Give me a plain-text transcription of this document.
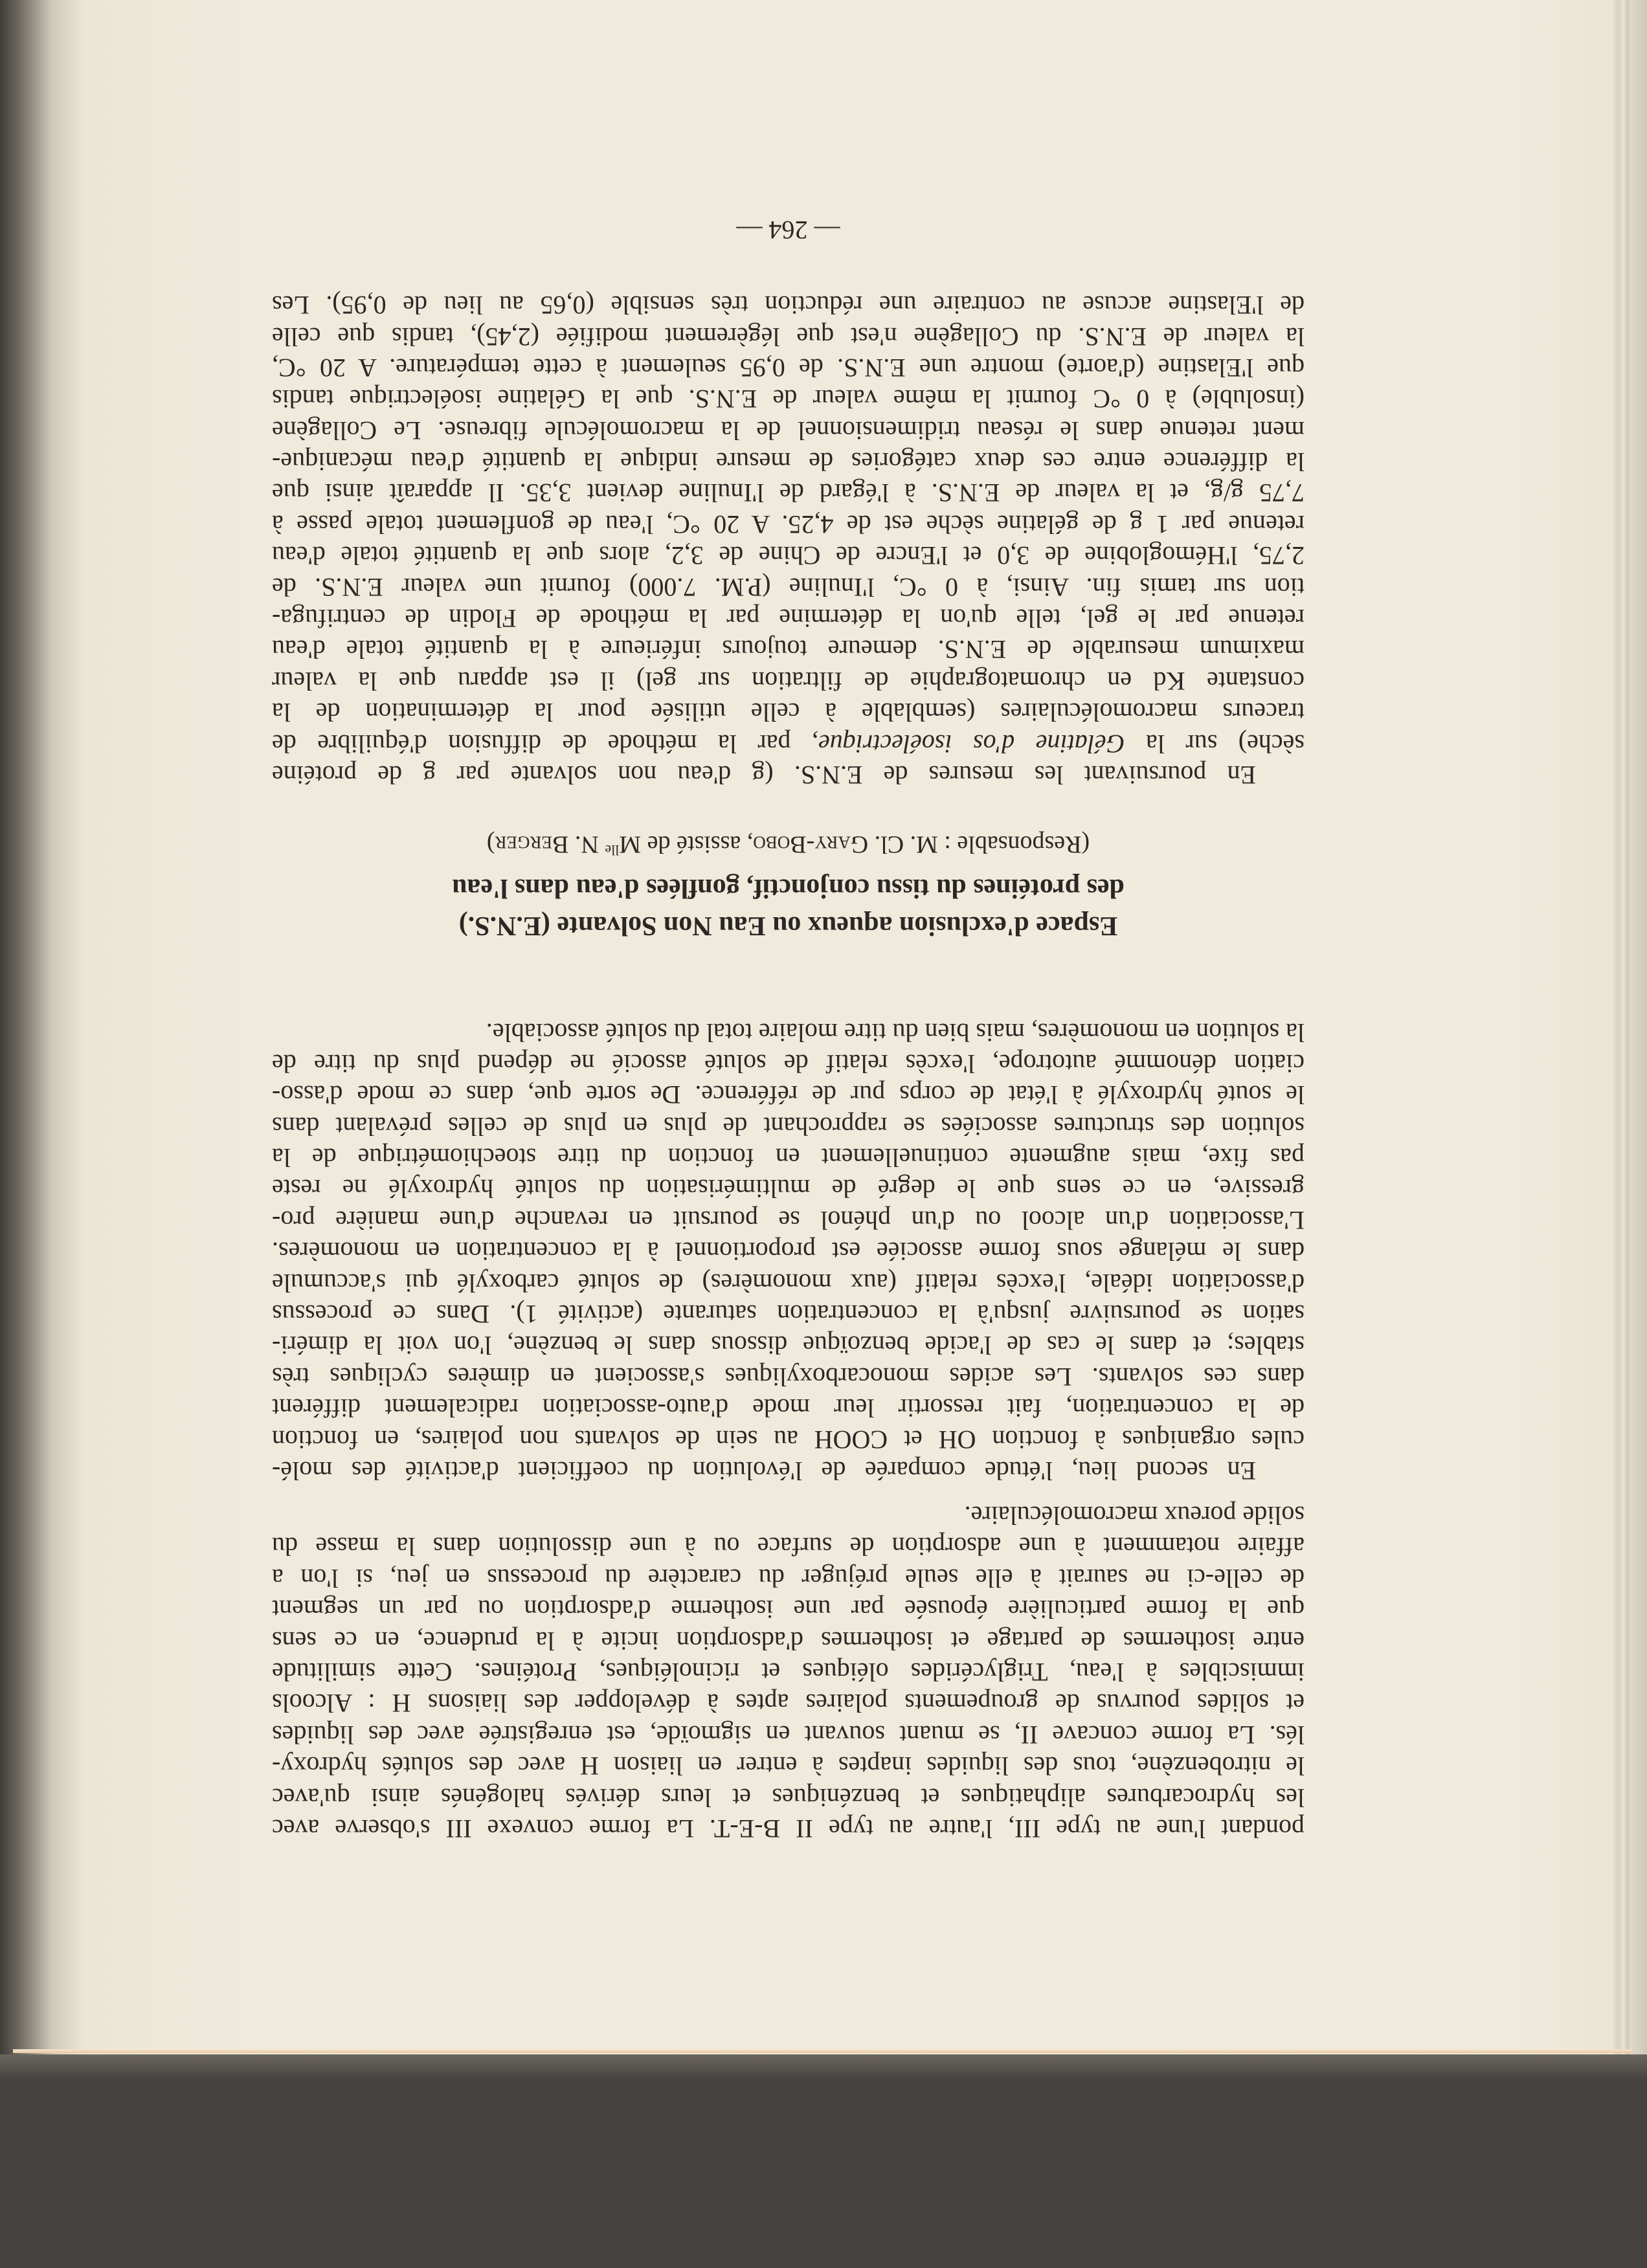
pondant l'une au type III, l'autre au type II B-E-T. La forme convexe III s'observe avec
les hydrocarbures aliphatiques et benzéniques et leurs dérivés halogénés ainsi qu'avec
le nitrobenzène, tous des liquides inaptes à entrer en liaison H avec des solutés hydroxy-
lés. La forme concave II, se muant souvant en sigmoïde, est enregistrée avec des liquides
et solides pourvus de groupements polaires aptes à développer des liaisons H : Alcools
immiscibles à l'eau, Triglycérides oléiques et ricinoléiques, Protéines. Cette similitude
entre isothermes de partage et isothermes d'adsorption incite à la prudence, en ce sens
que la forme particulière épousée par une isotherme d'adsorption ou par un segment
de celle-ci ne saurait à elle seule préjuger du caractère du processus en jeu, si l'on a
affaire notamment à une adsorption de surface ou à une dissolution dans la masse du
solide poreux macromoléculaire.
En second lieu, l'étude comparée de l'évolution du coefficient d'activité des molé-
cules organiques à fonction OH et COOH au sein de solvants non polaires, en fonction
de la concentration, fait ressortir leur mode d'auto-association radicalement différent
dans ces solvants. Les acides monocarboxyliques s'associent en dimères cycliques très
stables; et dans le cas de l'acide benzoïque dissous dans le benzène, l'on voit la diméri-
sation se poursuivre jusqu'à la concentration saturante (activité 1). Dans ce processus
d'association idéale, l'excès relatif (aux monomères) de soluté carboxylé qui s'accumule
dans le mélange sous forme associée est proportionnel à la concentration en monomères.
L'association d'un alcool ou d'un phénol se poursuit en revanche d'une manière pro-
gressive, en ce sens que le degré de multimérisation du soluté hydroxylé ne reste
pas fixe, mais augmente continuellement en fonction du titre stoechiométrique de la
solution des structures associées se rapprochant de plus en plus de celles prévalant dans
le souté hydroxylé à l'état de corps pur de référence. De sorte que, dans ce mode d'asso-
ciation dénommé autotrope, l'excès relatif de soluté associé ne dépend plus du titre de
la solution en monomères, mais bien du titre molaire total du soluté associable.
Espace d'exclusion aqueux ou Eau Non Solvante (E.N.S.)
des protéines du tissu conjonctif, gonflées d'eau dans l'eau
(Responsable : M. Cl. Gary-Bobo, assisté de $M^{lle}$ N. Berger)
En poursuivant les mesures de E.N.S. (g d'eau non solvante par g de protéine
sèche) sur la Gélatine d'os isoélectrique, par la méthode de diffusion d'équilibre de
traceurs macromoléculaires (semblable à celle utilisée pour la détermination de la
constante Kd en chromatographie de filtration sur gel) il est apparu que la valeur
maximum mesurable de E.N.S. demeure toujours inférieure à la quantité totale d'eau
retenue par le gel, telle qu'on la détermine par la méthode de Flodin de centrifuga-
tion sur tamis fin. Ainsi, à 0 °C, l'Inuline (P.M. 7.000) fournit une valeur E.N.S. de
2,75, l'Hémoglobine de 3,0 et l'Encre de Chine de 3,2, alors que la quantité totale d'eau
retenue par 1 g de gélatine sèche est de 4,25. A 20 °C, l'eau de gonflement totale passe à
7,75 g/g, et la valeur de E.N.S. à l'égard de l'Inuline devient 3,35. Il apparaît ainsi que
la différence entre ces deux catégories de mesure indique la quantité d'eau mécanique-
ment retenue dans le réseau tridimensionnel de la macromolécule fibreuse. Le Collagène
(insoluble) à 0 °C fournit la même valeur de E.N.S. que la Gélatine isoélectrique tandis
que l'Elastine (d'aorte) montre une E.N.S. de 0,95 seulement à cette température. A 20 °C,
la valeur de E.N.S. du Collagène n'est que légèrement modifiée (2,45), tandis que celle
de l'Elastine accuse au contraire une réduction très sensible (0,65 au lieu de 0,95). Les
— 264 —
